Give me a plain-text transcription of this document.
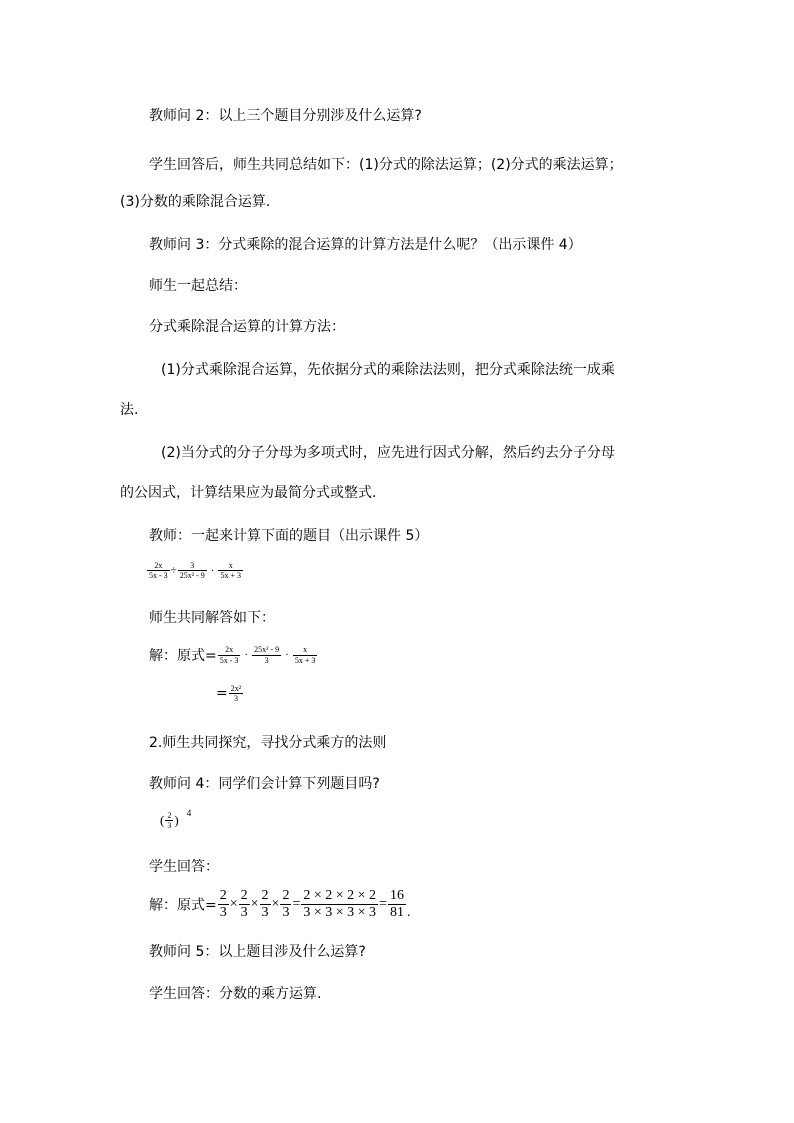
教师问 2：以上三个题目分别涉及什么运算?
学生回答后，师生共同总结如下：(1)分式的除法运算；(2)分式的乘法运算；
(3)分数的乘除混合运算.
教师问 3：分式乘除的混合运算的计算方法是什么呢？（出示课件 4）
师生一起总结：
分式乘除混合运算的计算方法：
(1)分式乘除混合运算，先依据分式的乘除法法则，把分式乘除法统一成乘
法.
(2)当分式的分子分母为多项式时，应先进行因式分解，然后约去分子分母
的公因式，计算结果应为最简分式或整式.
教师：一起来计算下面的题目（出示课件 5）
$\frac{2x}{5x - 3} \div \frac{3}{\text{25x² - 9}} \cdot \frac{x}{5x + 3}$
师生共同解答如下：
解：原式= $\frac{2x}{5x - 3} \cdot \frac{\text{25x² - 9}}{3} \cdot \frac{x}{5x + 3}$
= $\frac{\text{2x²}}{3}$
2.师生共同探究，寻找分式乘方的法则
教师问 4：同学们会计算下列题目吗?
( $\frac{2}{3}$ ) $^4$
学生回答：
解：原式= $\frac{2}{3} \times \frac{2}{3} \times \frac{2}{3} \times \frac{2}{3} = \frac{2 \times 2 \times 2 \times 2}{3 \times 3 \times 3 \times 3} = \frac{16}{81}$ .
教师问 5：以上题目涉及什么运算?
学生回答：分数的乘方运算.
